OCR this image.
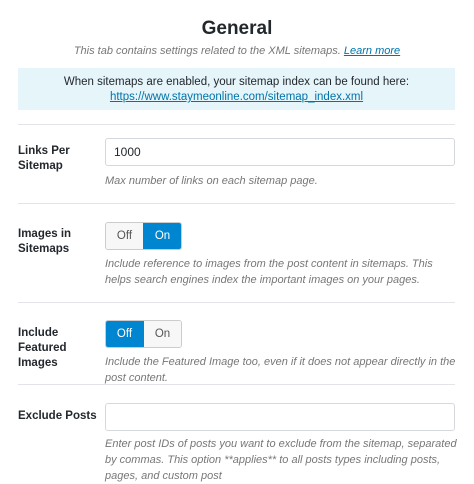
General
This tab contains settings related to the XML sitemaps. Learn more
When sitemaps are enabled, your sitemap index can be found here:
https://www.staymeonline.com/sitemap_index.xml
Links Per Sitemap
1000
Max number of links on each sitemap page.
Images in Sitemaps
Off	On
Include reference to images from the post content in sitemaps. This helps search engines index the important images on your pages.
Include Featured Images
Off	On
Include the Featured Image too, even if it does not appear directly in the post content.
Exclude Posts
Enter post IDs of posts you want to exclude from the sitemap, separated by commas. This option **applies** to all posts types including posts, pages, and custom post
